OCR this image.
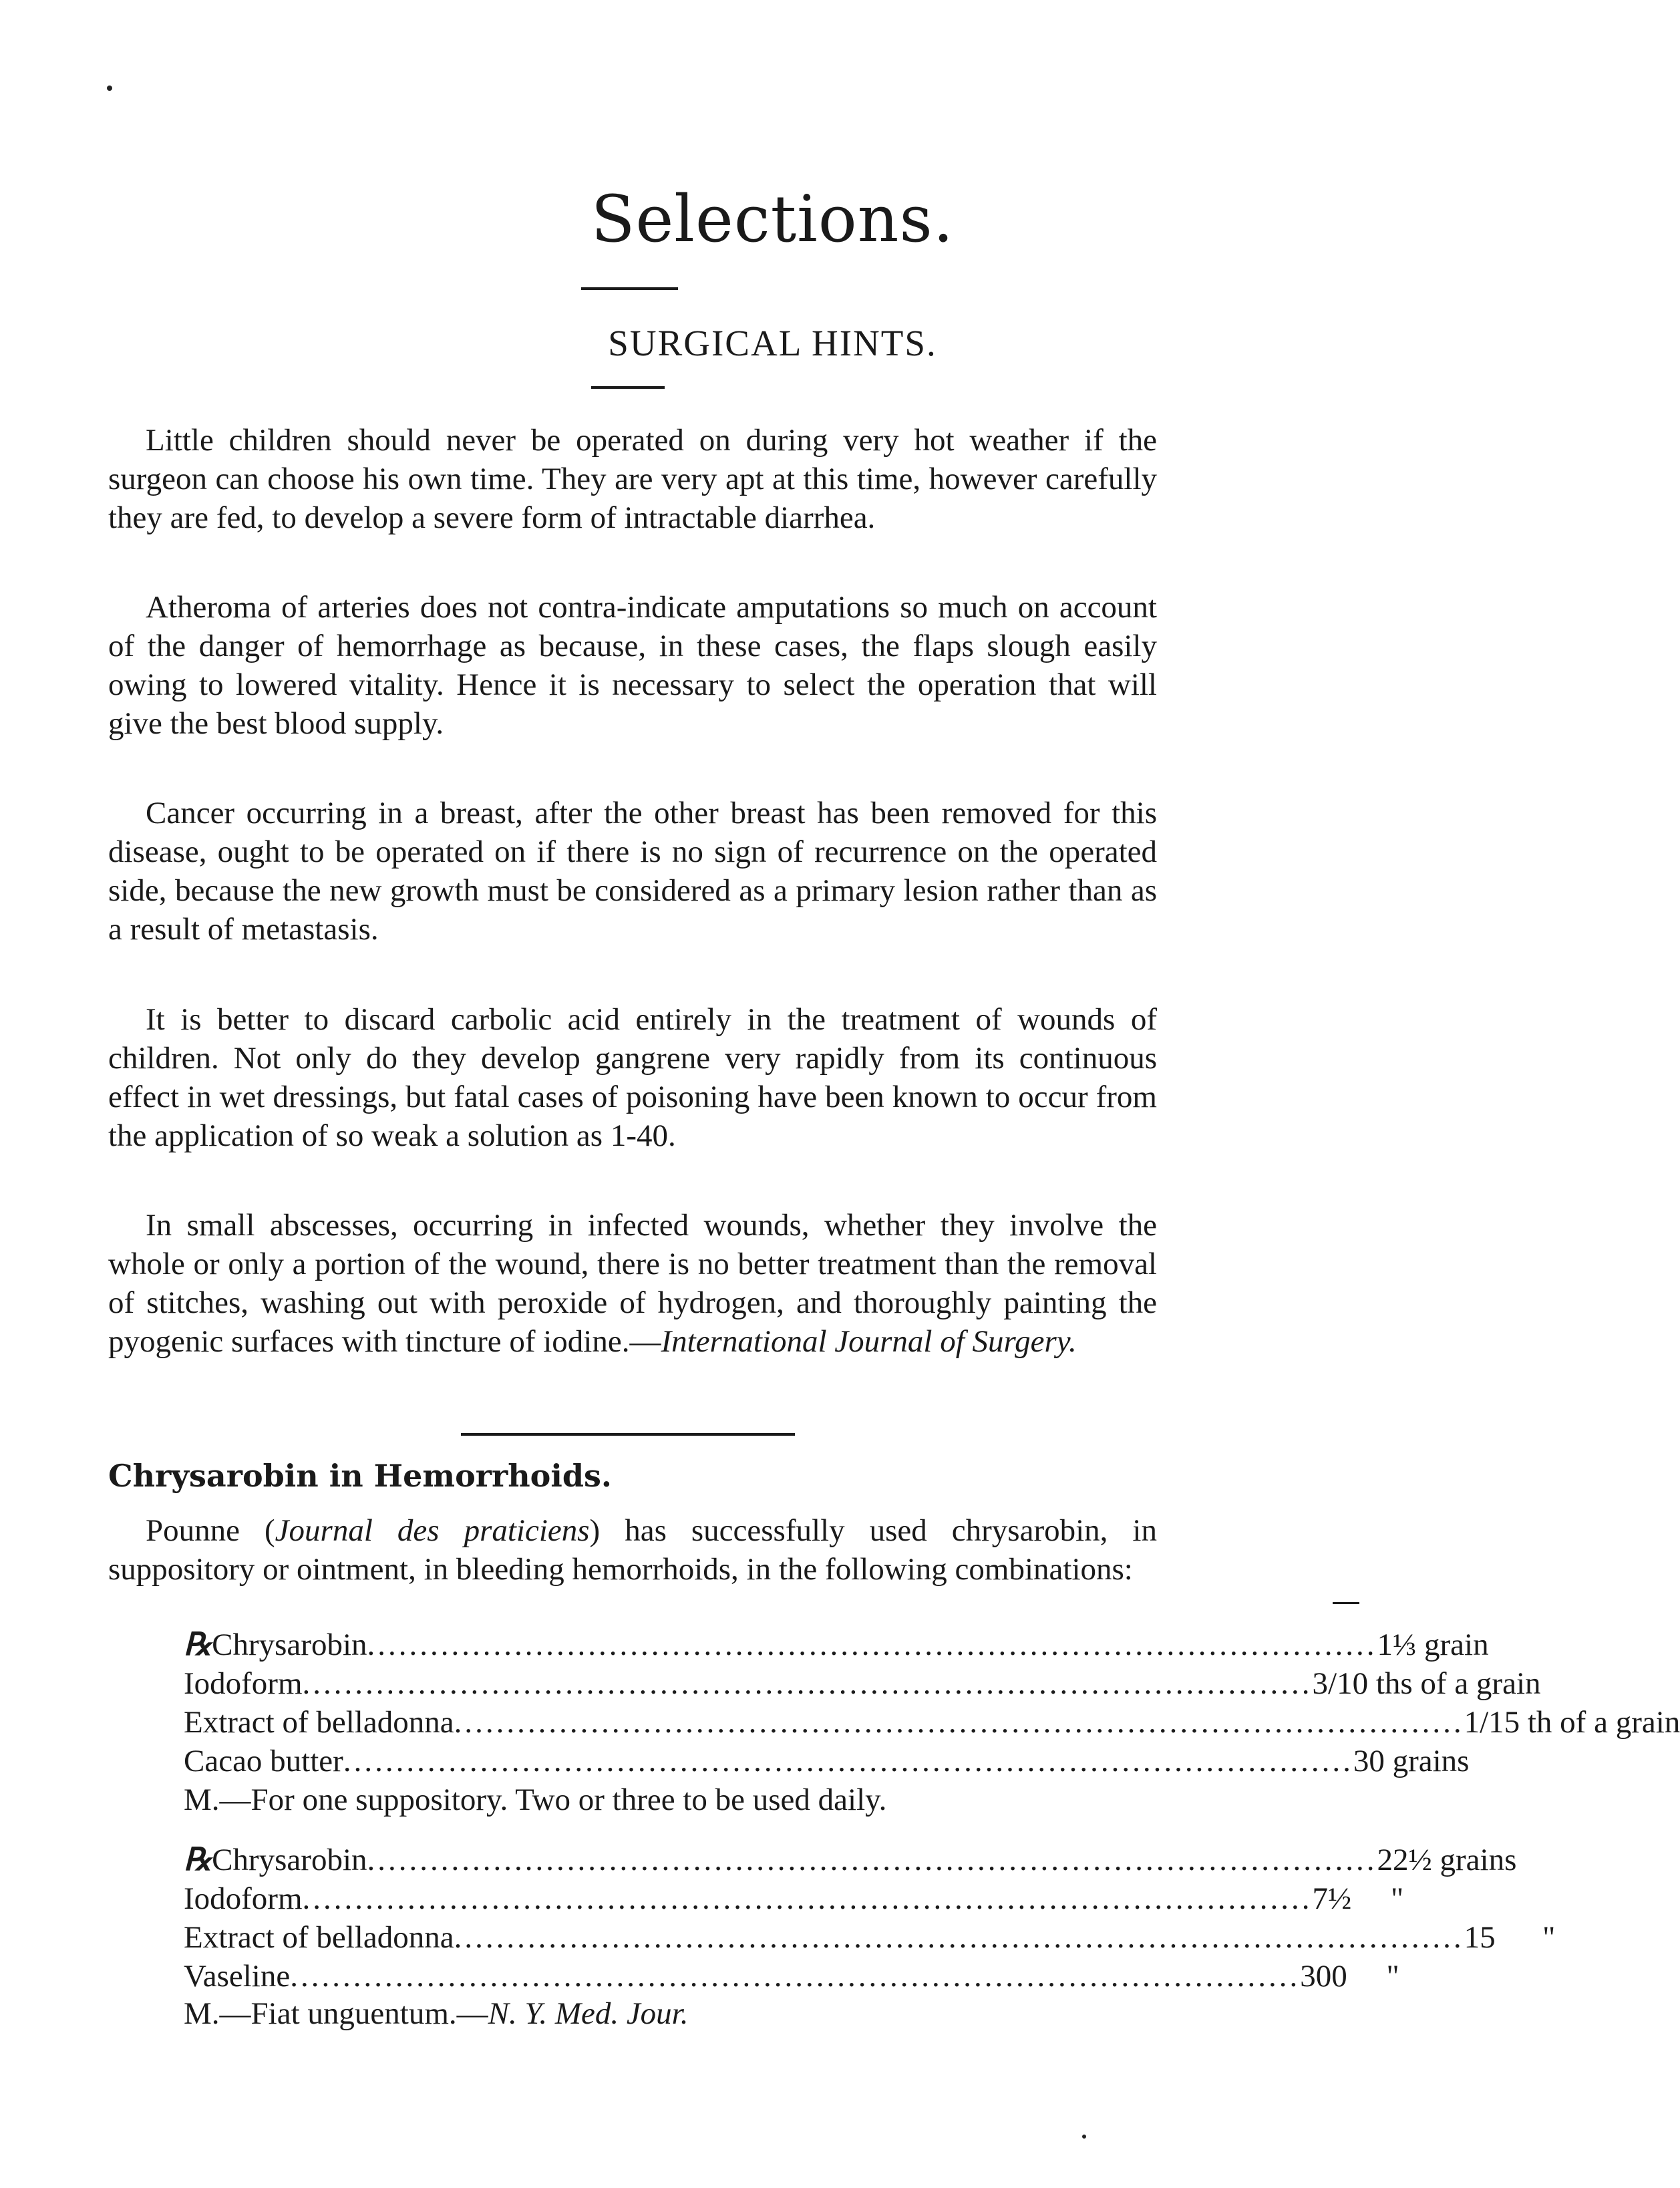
Selections.
SURGICAL HINTS.

Little children should never be operated on during very hot weather if the surgeon can choose his own time. They are very apt at this time, however carefully they are fed, to develop a severe form of intractable diarrhea.

Atheroma of arteries does not contra-indicate amputations so much on account of the danger of hemorrhage as because, in these cases, the flaps slough easily owing to lowered vitality. Hence it is necessary to select the operation that will give the best blood supply.

Cancer occurring in a breast, after the other breast has been removed for this disease, ought to be operated on if there is no sign of recurrence on the operated side, because the new growth must be considered as a primary lesion rather than as a result of metastasis.

It is better to discard carbolic acid entirely in the treatment of wounds of children. Not only do they develop gangrene very rapidly from its continuous effect in wet dressings, but fatal cases of poisoning have been known to occur from the application of so weak a solution as 1-40.

In small abscesses, occurring in infected wounds, whether they involve the whole or only a portion of the wound, there is no better treatment than the removal of stitches, washing out with peroxide of hydrogen, and thoroughly painting the pyogenic surfaces with tincture of iodine.—International Journal of Surgery.

Chrysarobin in Hemorrhoids.

Pounne (Journal des praticiens) has successfully used chrysarobin, in suppository or ointment, in bleeding hemorrhoids, in the following combinations:

℞ Chrysarobin ................................................................................................ 1⅓ grain
Iodoform ................................................................................................ 3/10 ths of a grain
Extract of belladonna ................................................................................................ 1/15 th of a grain
Cacao butter ................................................................................................ 30 grains
M.—For one suppository. Two or three to be used daily.
℞ Chrysarobin ................................................................................................ 22½ grains
Iodoform ................................................................................................ 7½ "
Extract of belladonna ................................................................................................ 15 "
Vaseline ................................................................................................ 300 "
M.—Fiat unguentum.—N. Y. Med. Jour.
